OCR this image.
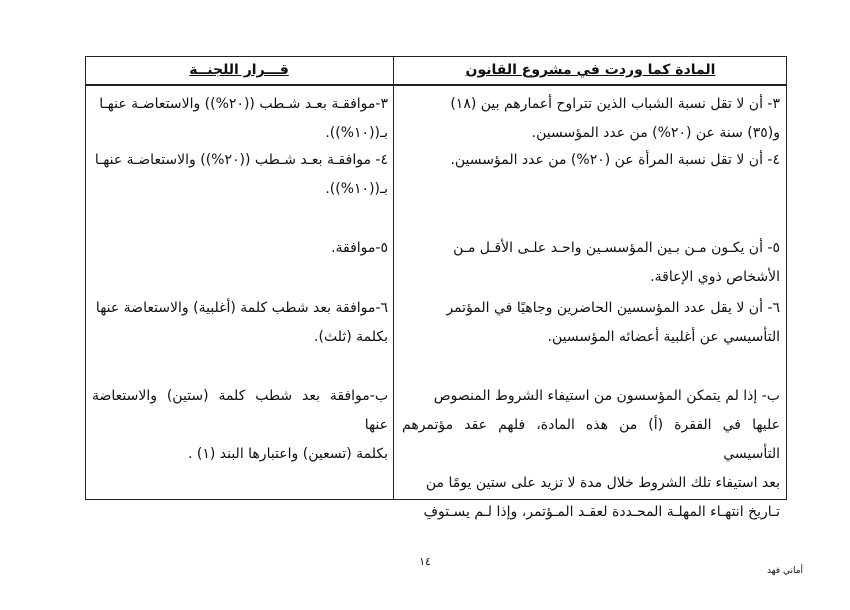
المادة كما وردت في مشروع القانون
قـــرار اللجنــة

٣- أن لا تقل نسبة الشباب الذين تتراوح أعمارهم بين (١٨)

و(٣٥) سنة عن (٢٠%) من عدد المؤسسين.

٣-موافقـة بعـد شـطب ((٢٠%)) والاستعاضـة عنهـا

بـ((١٠%)).

٤- أن لا تقل نسبة المرأة عن (٢٠%) من عدد المؤسسين.

٤- موافقـة بعـد شـطب ((٢٠%)) والاستعاضـة عنهـا

بـ((١٠%)).

٥- أن يكـون مـن بـين المؤسسـين واحـد علـى الأقـل مـن

الأشخاص ذوي الإعاقة.

٥-موافقة.

٦- أن لا يقل عدد المؤسسين الحاضرين وجاهيًا في المؤتمر

التأسيسي عن أغلبية أعضائه المؤسسين.

٦-موافقة بعد شطب كلمة (أغلبية) والاستعاضة عنها

بكلمة (ثلث).

ب- إذا لم يتمكن المؤسسون من استيفاء الشروط المنصوص

عليها في الفقرة (أ) من هذه المادة، فلهم عقد مؤتمرهم التأسيسي

بعد استيفاء تلك الشروط خلال مدة لا تزيد على ستين يومًا من

تـاريخ انتهـاء المهلـة المحـددة لعقـد المـؤتمر، وإذا لـم يسـتوفِ

ب-موافقة بعد شطب كلمة (ستين) والاستعاضة عنها

بكلمة (تسعين) واعتبارها البند (١) .

١٤
أماني فهد
